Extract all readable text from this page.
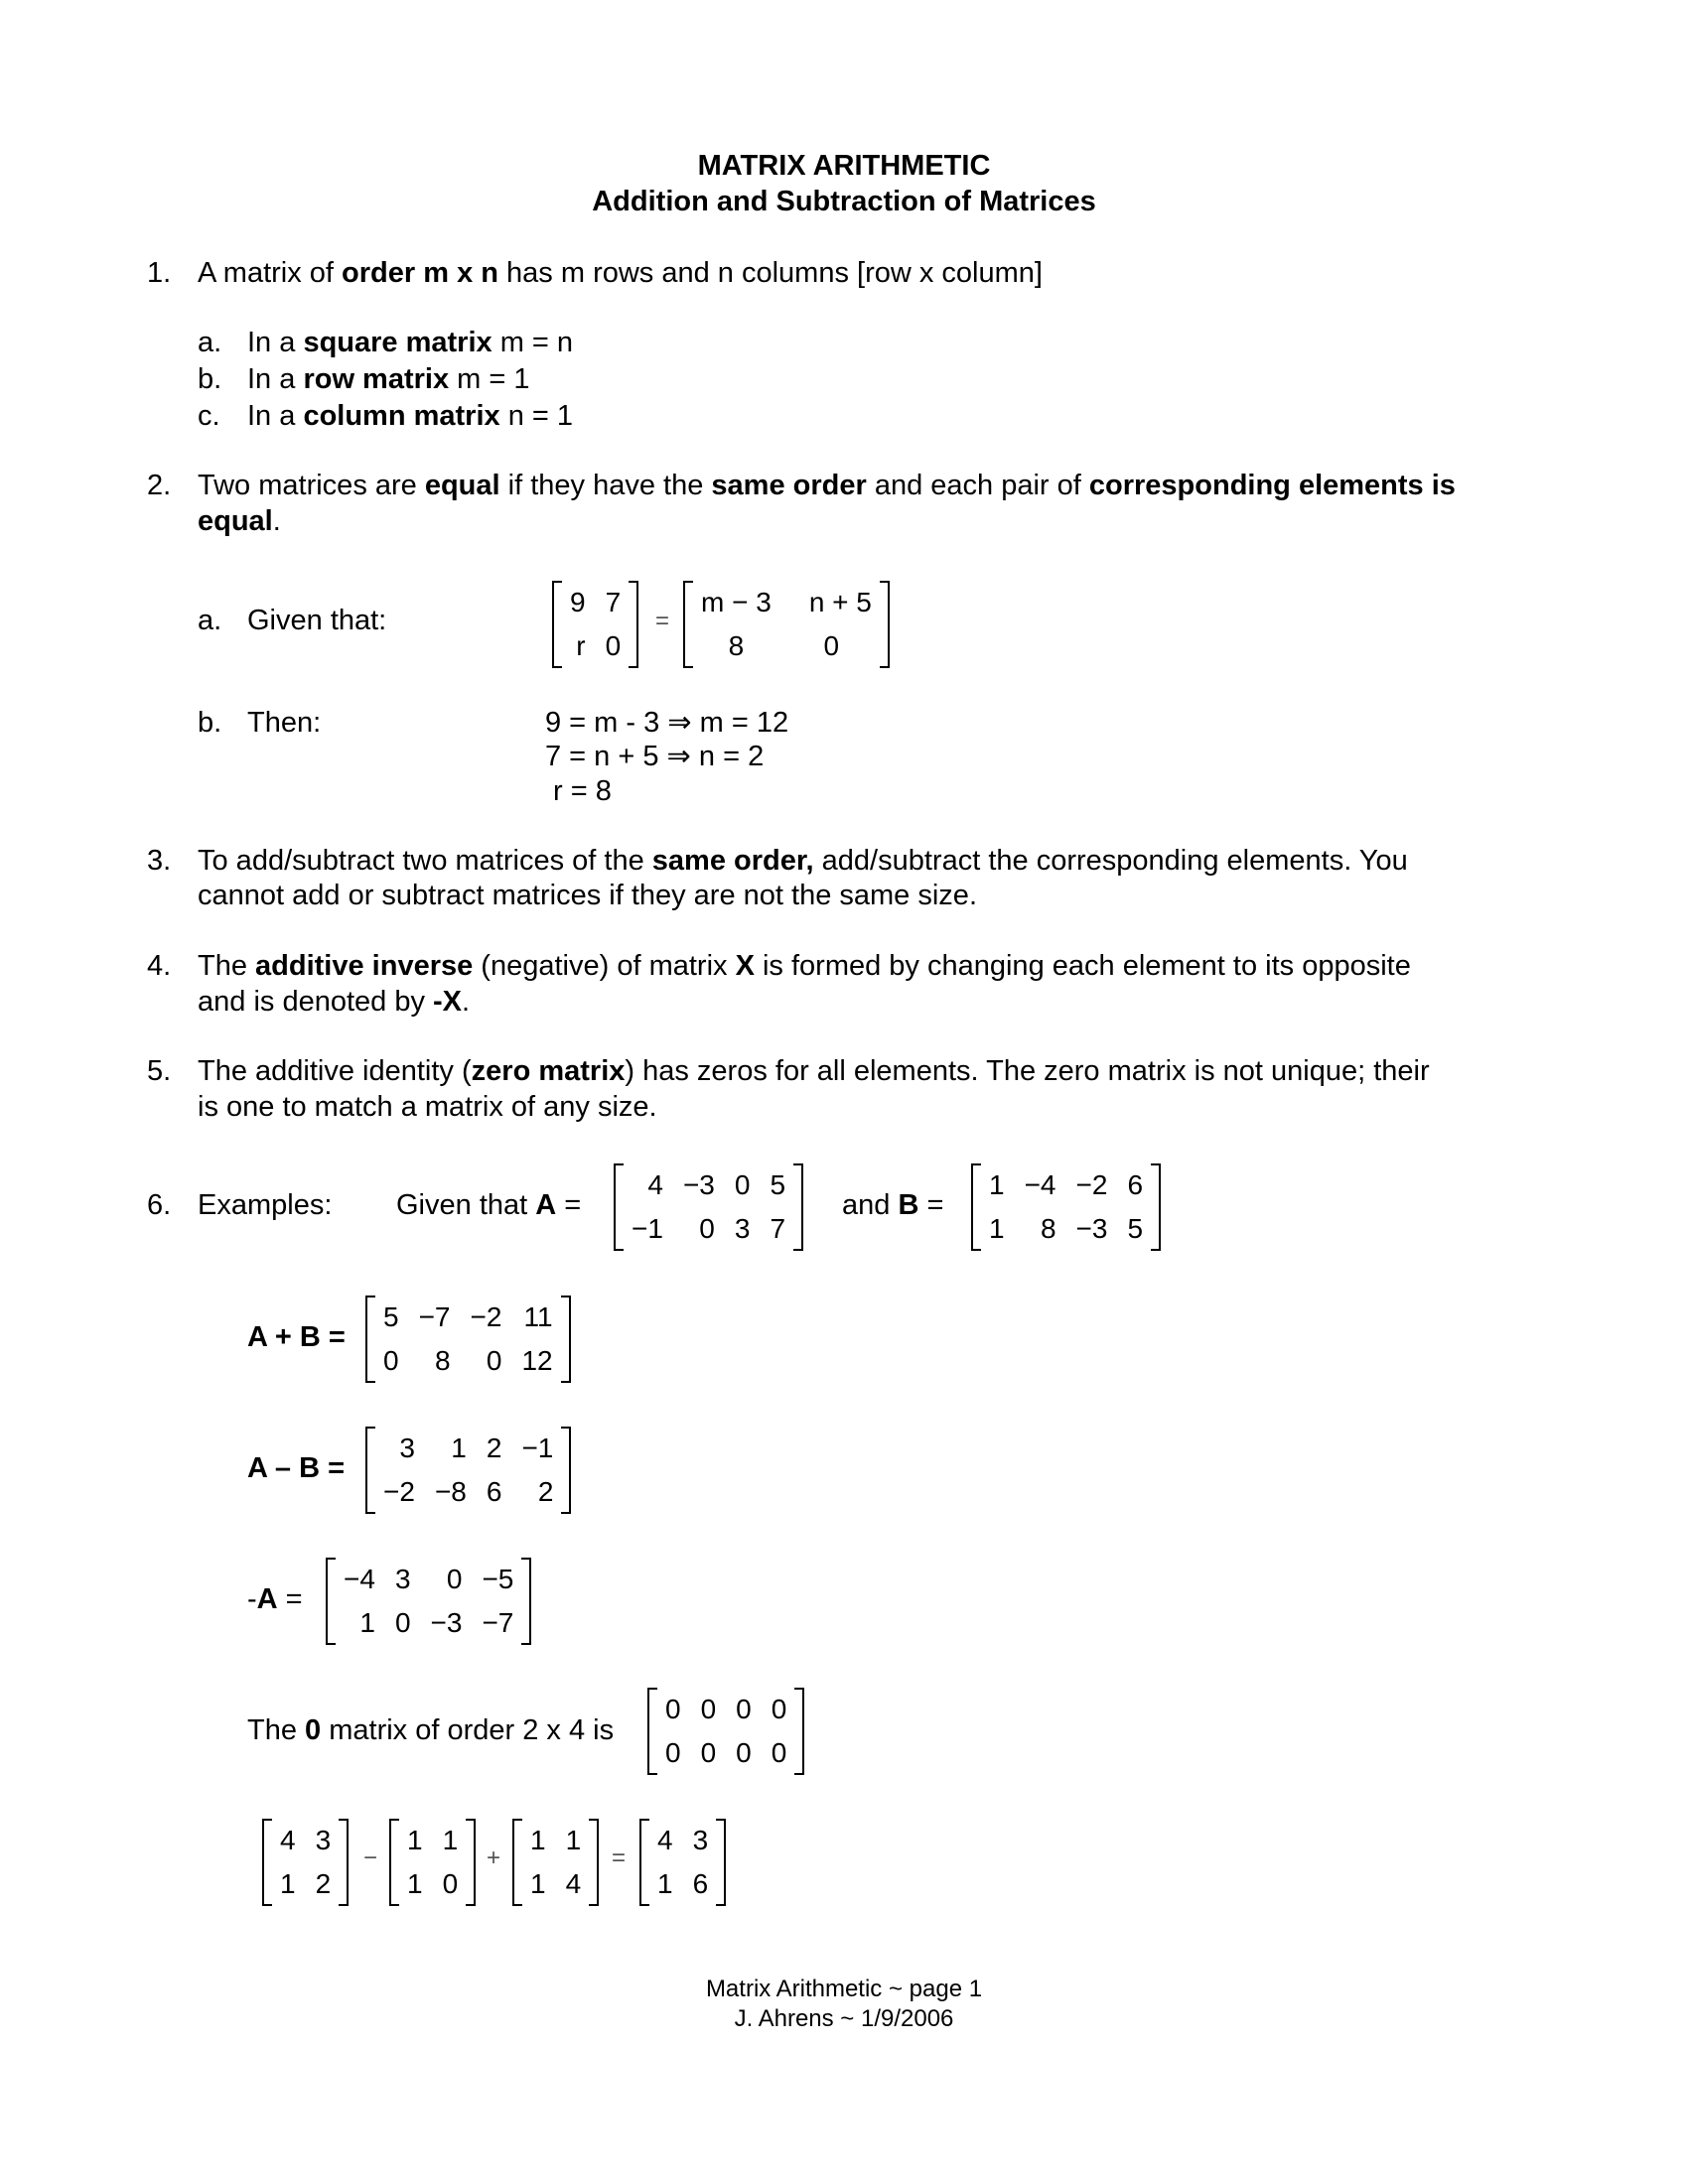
MATRIX ARITHMETIC
Addition and Subtraction of Matrices
1. A matrix of order m x n has m rows and n columns [row x column]
a. In a square matrix m = n
b. In a row matrix m = 1
c. In a column matrix n = 1
2. Two matrices are equal if they have the same order and each pair of corresponding elements is
equal.
a. Given that:
9	7
r	0
=
m − 3	n + 5
8	0
b. Then:	9 = m - 3 ⇒ m = 12
7 = n + 5 ⇒ n = 2
r = 8
3. To add/subtract two matrices of the same order, add/subtract the corresponding elements. You
cannot add or subtract matrices if they are not the same size.
4. The additive inverse (negative) of matrix X is formed by changing each element to its opposite
and is denoted by -X.
5. The additive identity (zero matrix) has zeros for all elements. The zero matrix is not unique; their
is one to match a matrix of any size.
6. Examples: Given that A =
4	−3	0	5
−1	0	3	7
and B =
1	−4	−2	6
1	8	−3	5
A + B =
5	−7	−2	11
0	8	0	12
A – B =
3	1	2	−1
−2	−8	6	2
-A =
−4	3	0	−5
1	0	−3	−7
The 0 matrix of order 2 x 4 is
0	0	0	0
0	0	0	0
4	3
1	2
−
1	1
1	0
+
1	1
1	4
=
4	3
1	6
Matrix Arithmetic ~ page 1
J. Ahrens ~ 1/9/2006
